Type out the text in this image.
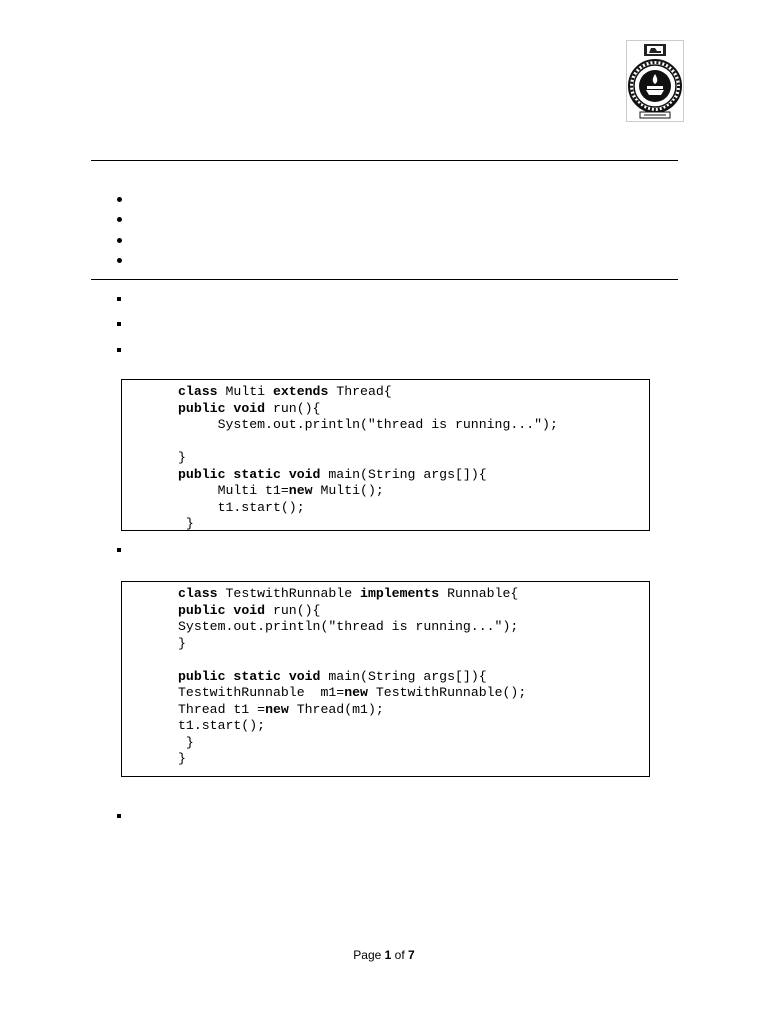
class Multi extends Thread{
public void run(){
System.out.println("thread is running...");

}
public static void main(String args[]){
Multi t1=new Multi();
t1.start();
}
class TestwithRunnable implements Runnable{
public void run(){
System.out.println("thread is running...");
}

public static void main(String args[]){
TestwithRunnable  m1=new TestwithRunnable();
Thread t1 =new Thread(m1);
t1.start();
}
}
Page 1 of 7
